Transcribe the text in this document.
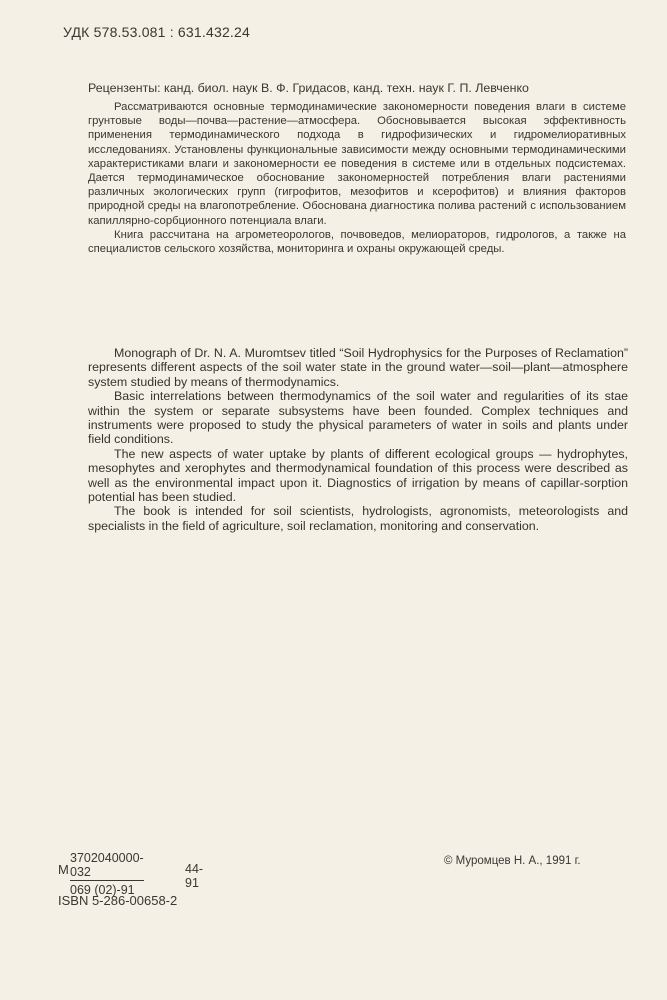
УДК 578.53.081 : 631.432.24
Рецензенты: канд. биол. наук В. Ф. Гридасов, канд. техн. наук Г. П. Левченко

Рассматриваются основные термодинамические закономерности поведения влаги в системе грунтовые воды—почва—растение—атмосфера. Обосновывается высокая эффективность применения термодинамического подхода в гидрофизических и гидромелиоративных исследованиях. Установлены функциональные зависимости между основными термодинамическими характеристиками влаги и закономерности ее поведения в системе или в отдельных подсистемах. Дается термодинамическое обоснование закономерностей потребления влаги растениями различных экологических групп (гигрофитов, мезофитов и ксерофитов) и влияния факторов природной среды на влагопотребление. Обоснована диагностика полива растений с использованием капиллярно-сорбционного потенциала влаги.

Книга рассчитана на агрометеорологов, почвоведов, мелиораторов, гидрологов, а также на специалистов сельского хозяйства, мониторинга и охраны окружающей среды.

Monograph of Dr. N. A. Muromtsev titled “Soil Hydrophysics for the Purposes of Reclamation” represents different aspects of the soil water state in the ground water—soil—plant—atmosphere system studied by means of thermodynamics.

Basic interrelations between thermodynamics of the soil water and regularities of its stae within the system or separate subsystems have been founded. Complex techniques and instruments were proposed to study the physical parameters of water in soils and plants under field conditions.

The new aspects of water uptake by plants of different ecological groups — hydrophytes, mesophytes and xerophytes and thermodynamical foundation of this process were described as well as the environmental impact upon it. Diagnostics of irrigation by means of capillar-sorption potential has been studied.

The book is intended for soil scientists, hydrologists, agronomists, meteorologists and specialists in the field of agriculture, soil reclamation, monitoring and conservation.

М $\frac{3702040000-032}{069 (02)-91}$	44-91
© Муромцев Н. А., 1991 г.
ISBN 5-286-00658-2
